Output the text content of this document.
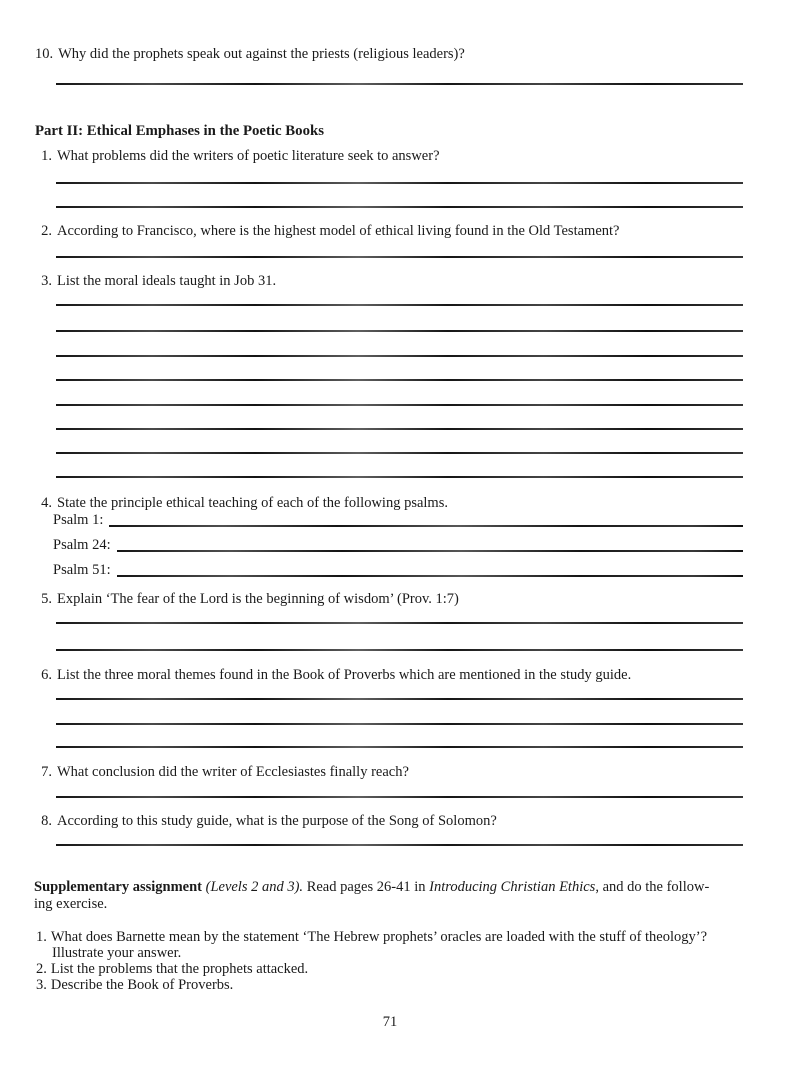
10. Why did the prophets speak out against the priests (religious leaders)?
Part II: Ethical Emphases in the Poetic Books
1. What problems did the writers of poetic literature seek to answer?
2. According to Francisco, where is the highest model of ethical living found in the Old Testament?
3. List the moral ideals taught in Job 31.
4. State the principle ethical teaching of each of the following psalms.
Psalm 1:
Psalm 24:
Psalm 51:
5. Explain ‘The fear of the Lord is the beginning of wisdom’ (Prov. 1:7)
6. List the three moral themes found in the Book of Proverbs which are mentioned in the study guide.
7. What conclusion did the writer of Ecclesiastes finally reach?
8. According to this study guide, what is the purpose of the Song of Solomon?

Supplementary assignment (Levels 2 and 3). Read pages 26-41 in Introducing Christian Ethics, and do the follow-
ing exercise.

1. What does Barnette mean by the statement ‘The Hebrew prophets’ oracles are loaded with the stuff of theology’?
Illustrate your answer.
2. List the problems that the prophets attacked.
3. Describe the Book of Proverbs.
71
